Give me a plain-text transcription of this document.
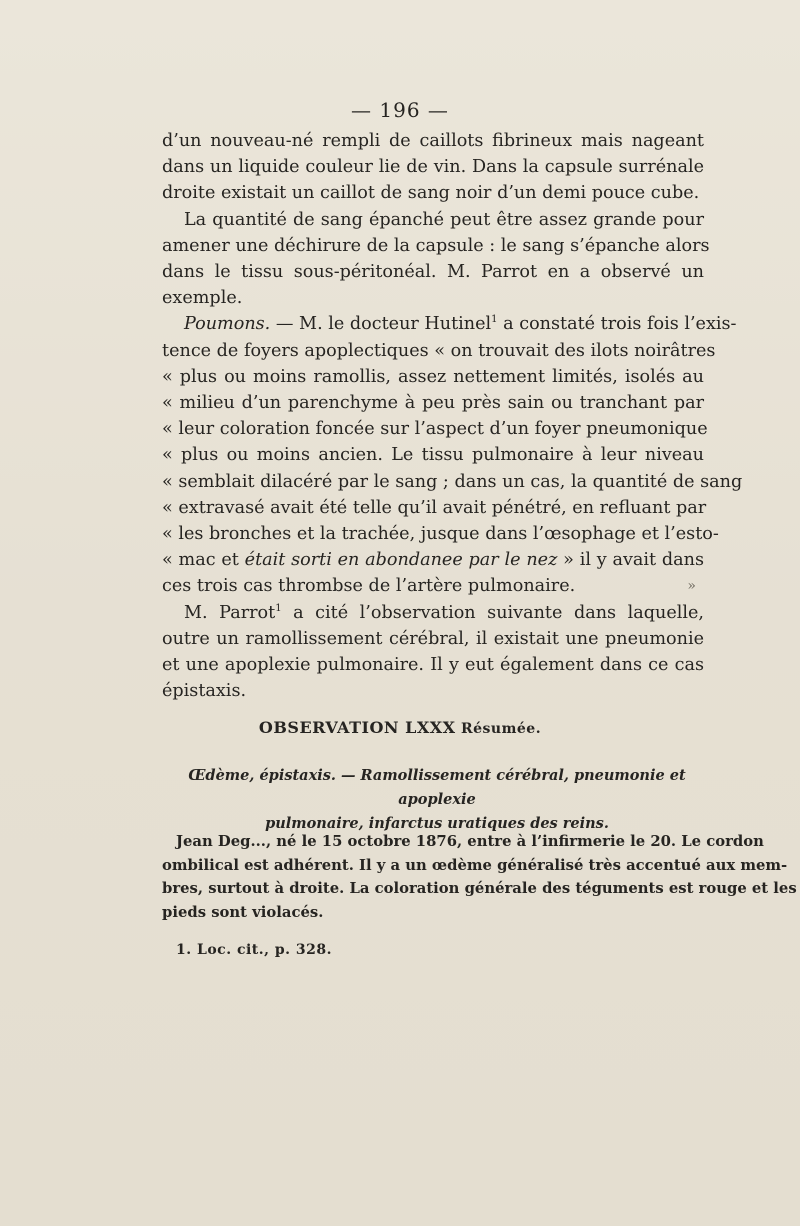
— 196 —

d’un nouveau-né rempli de caillots fibrineux mais nageant
dans un liquide couleur lie de vin. Dans la capsule surrénale
droite existait un caillot de sang noir d’un demi pouce cube.

La quantité de sang épanché peut être assez grande pour
amener une déchirure de la capsule : le sang s’épanche alors
dans le tissu sous-péritonéal. M. Parrot en a observé un
exemple.

Poumons. — M. le docteur Hutinel$^1$ a constaté trois fois l’exis-
tence de foyers apoplectiques « on trouvait des ilots noirâtres
« plus ou moins ramollis, assez nettement limités, isolés au
« milieu d’un parenchyme à peu près sain ou tranchant par
« leur coloration foncée sur l’aspect d’un foyer pneumonique
« plus ou moins ancien. Le tissu pulmonaire à leur niveau
« semblait dilacéré par le sang ; dans un cas, la quantité de sang
« extravasé avait été telle qu’il avait pénétré, en refluant par
« les bronches et la trachée, jusque dans l’œsophage et l’esto-
« mac et était sorti en abondanee par le nez » il y avait dans
ces trois cas thrombse de l’artère pulmonaire.	»

M. Parrot$^1$ a cité l’observation suivante dans laquelle,
outre un ramollissement cérébral, il existait une pneumonie
et une apoplexie pulmonaire. Il y eut également dans ce cas
épistaxis.

OBSERVATION LXXX Résumée.
Œdème, épistaxis. — Ramollissement cérébral, pneumonie et apoplexie
pulmonaire, infarctus uratiques des reins.
Jean Deg..., né le 15 octobre 1876, entre à l’infirmerie le 20. Le cordon
ombilical est adhérent. Il y a un œdème généralisé très accentué aux mem-
bres, surtout à droite. La coloration générale des téguments est rouge et les
pieds sont violacés.
1. Loc. cit., p. 328.
